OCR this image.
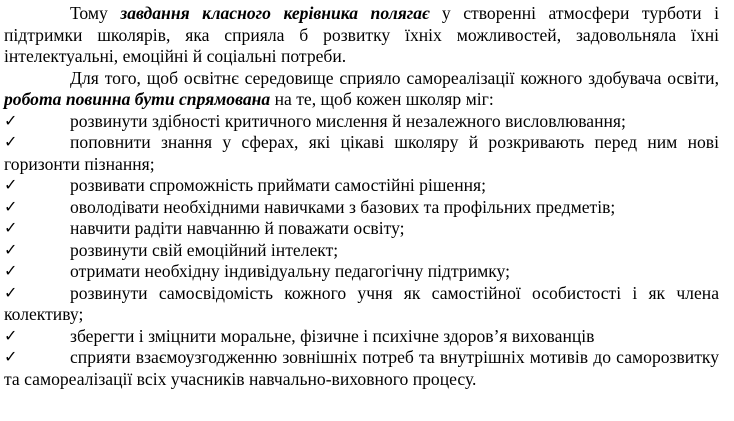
Тому завдання класного керівника полягає у створенні атмосфери турботи і підтримки школярів, яка сприяла б розвитку їхніх можливостей, задовольняла їхні інтелектуальні, емоційні й соціальні потреби.

Для того, щоб освітнє середовище сприяло самореалізації кожного здобувача освіти, робота повинна бути спрямована на те, щоб кожен школяр міг:

✓	розвинути здібності критичного мислення й незалежного висловлювання;
✓	поповнити знання у сферах, які цікаві школяру й розкривають перед ним нові горизонти пізнання;
✓	розвивати спроможність приймати самостійні рішення;
✓	оволодівати необхідними навичками з базових та профільних предметів;
✓	навчити радіти навчанню й поважати освіту;
✓	розвинути свій емоційний інтелект;
✓	отримати необхідну індивідуальну педагогічну підтримку;
✓	розвинути самосвідомість кожного учня як самостійної особистості і як члена колективу;
✓	зберегти і зміцнити моральне, фізичне і психічне здоров’я вихованців
✓	сприяти взаємоузгодженню зовнішніх потреб та внутрішніх мотивів до саморозвитку та самореалізації всіх учасників навчально-виховного процесу.
